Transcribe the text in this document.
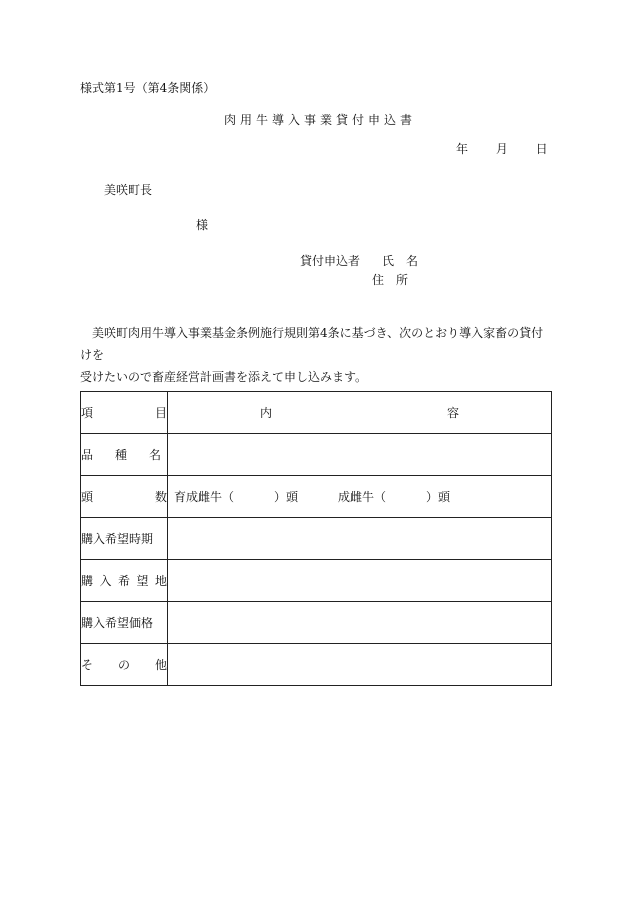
様式第1号（第4条関係）
肉用牛導入事業貸付申込書
年 月 日
美咲町長
様
貸付申込者 氏　名
住　所

美咲町肉用牛導入事業基金条例施行規則第4条に基づき、次のとおり導入家畜の貸付けを

受けたいので畜産経営計画書を添えて申し込みます。

項 目	内 容

品 種 名	

頭 数	育成雌牛（ ）頭 成雌牛（ ）頭

購入希望時期	

購 入 希 望 地	

購入希望価格	

そ の 他	
